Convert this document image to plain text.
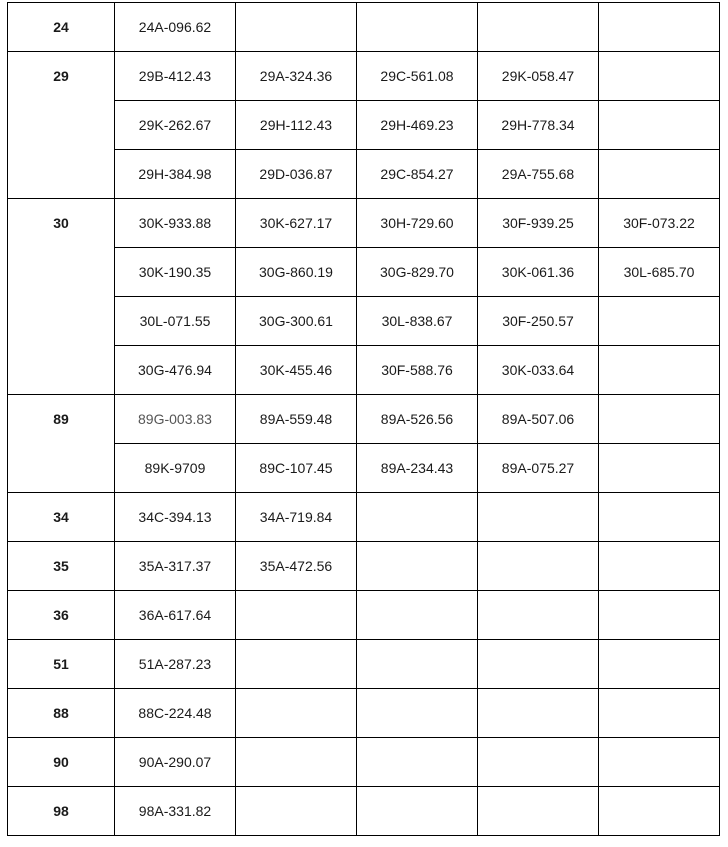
24	24A-096.62				
29	29B-412.43	29A-324.36	29C-561.08	29K-058.47	
	29K-262.67	29H-112.43	29H-469.23	29H-778.34	
	29H-384.98	29D-036.87	29C-854.27	29A-755.68	
30	30K-933.88	30K-627.17	30H-729.60	30F-939.25	30F-073.22
	30K-190.35	30G-860.19	30G-829.70	30K-061.36	30L-685.70
	30L-071.55	30G-300.61	30L-838.67	30F-250.57	
	30G-476.94	30K-455.46	30F-588.76	30K-033.64	
89	89G-003.83	89A-559.48	89A-526.56	89A-507.06	
	89K-9709	89C-107.45	89A-234.43	89A-075.27	
34	34C-394.13	34A-719.84			
35	35A-317.37	35A-472.56			
36	36A-617.64				
51	51A-287.23				
88	88C-224.48				
90	90A-290.07				
98	98A-331.82				
